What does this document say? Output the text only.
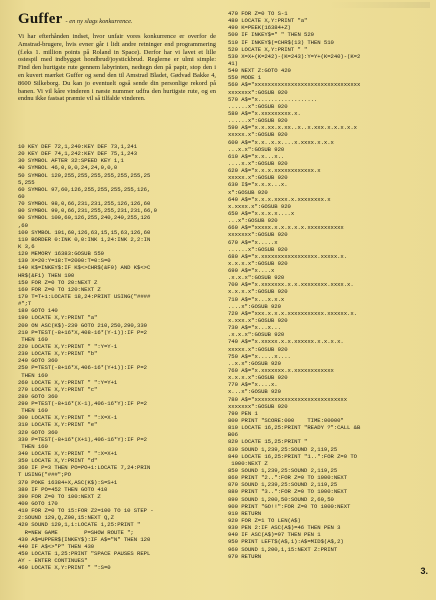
Guffer - en ny slags konkurrence.

Vi har efterhånden indset, hvor unfair vores konkurrence er overfor de Amstrad-brugere, hvis evner går i lidt andre retninger end programmering (f.eks 1. million points på Roland in Space). Derfor har vi lavet et lille ostespil med indbygget hondbrud/joystickbrud. Reglerne er ulmi simple: Find den hurtigste rute gennem labyrinten, nedtegn den på papir, stop den i en kuvert mærket Guffer og send den til Amstrad Bladet, Gødvad Bakke 4, 8600 Silkeborg. Du kan jo eventuelt også sende din personlige rekord på banen. Vi vil kåre vinderen i næste nummer udfra den hurtigste rute, og en endnu ikke fastsat præmie vil så tilfalde vinderen.

10 KEY DEF 72,1,240:KEY DEF 73,1,241
20 KEY DEF 74,1,242:KEY DEF 75,1,243
30 SYMBOL AFTER 32:SPEED KEY 1,1
40 SYMBOL 46,0,0,0,24,24,0,0,0
50 SYMBOL 120,255,255,255,255,255,255,25
5,255
60 SYMBOL 97,60,126,255,255,255,255,126,
60
70 SYMBOL 98,0,66,231,231,255,126,126,60
80 SYMBOL 99,0,66,231,255,255,231,231,66,0
90 SYMBOL 100,60,126,255,240,240,255,126
,60
100 SYMBOL 101,60,126,63,15,15,63,126,60
110 BORDER 0:INK 0,0:INK 1,24:INK 2,2:IN
K 3,6
120 MEMORY 16383:GOSUB 550
130 X=20:Y=18:T=2000:T=0:S=0
140 K$=INKEY$:IF K$<>CHR$(&F0) AND K$<>C
HR$(&F1) THEN 190
150 FOR Z=0 TO 20:NEXT Z
160 FOR Z=0 TO 120:NEXT Z
170 T=T+1:LOCATE 18,24:PRINT USING("####
#";T
180 GOTO 140
190 LOCATE X,Y:PRINT "a"
200 ON ASC(K$)-239 GOTO 210,250,290,330
210 P=TEST(-8+16*X,408-16*(Y-1)):IF P=2
THEN 160
220 LOCATE X,Y:PRINT " ":Y=Y-1
230 LOCATE X,Y:PRINT "b"
240 GOTO 360
250 P=TEST(-8+16*X,406-16*(Y+1)):IF P=2
THEN 160
260 LOCATE X,Y:PRINT " ":Y=Y+1
270 LOCATE X,Y:PRINT "c"
280 GOTO 360
290 P=TEST(-8+16*(X-1),406-16*Y):IF P=2
THEN 160
300 LOCATE X,Y:PRINT " ":X=X-1
310 LOCATE X,Y:PRINT "e"
320 GOTO 360
330 P=TEST(-8+16*(X+1),406-16*Y):IF P=2
THEN 160
340 LOCATE X,Y:PRINT " ":X=X+1
350 LOCATE X,Y:PRINT "d"
360 IF P=3 THEN PO=PO+1:LOCATE 7,24:PRIN
T USING("###";PO
370 POKE 16384+X,ASC(K$):S=S+1
380 IF PO=452 THEN GOTO 410
390 FOR Z=0 TO 100:NEXT Z
400 GOTO 170
410 FOR Z=0 TO 15:FOR Z2=100 TO 10 STEP -
2:SOUND 129,Q,Z00,15:NEXT Q,Z
420 SOUND 129,1,1:LOCATE 1,25:PRINT "
R=NEW GAME        P=SHOW ROUTE ";
430 A$=UPPER$(INKEY$):IF A$="N" THEN 120
440 IF A$<>"P" THEN 430
450 LOCATE 1,25:PRINT "SPACE PAUSES REPL
AY - ENTER CONTINUES"
460 LOCATE X,Y:PRINT " ":S=0
470 FOR Z=0 TO S-1
480 LOCATE X,Y:PRINT "a"
490 K=PEEK(16384+Z)
500 IF INKEY$=" " THEN 520
510 IF INKEY$(=CHR$(13) THEN 510
520 LOCATE X,Y:PRINT " "
530 X=X+(K=242)-(K=243):Y=Y+(K=240)-(K=2
41)
540 NEXT Z:GOTO 420
550 MODE 1
560 A$="xxxxxxxxxxxxxxxxxxxxxxxxxxxxxxxx
xxxxxxx":GOSUB 920
570 A$="x..................
......x":GOSUB 920
580 A$="x.xxxxxxxxx.x.
......x":GOSUB 920
590 A$="x.x.xx.x.xx..x..x.xxx.x.x.x.x.x
xxxxx.x":GOSUB 920
600 A$="x.x..x.x....x.xxxx.x.x.x
...x.x":GOSUB 920
610 A$="x.x...x..
....x.x":GOSUB 920
620 A$="x.x.x.xxxxxxxxxxxx.x
xxxxx.x":GOSUB 920
630 I$="x.x.x...x.
x":GOSUB 920
640 A$="x.x.x.xxxx.x.xxxxxxxx.x
x.xxxx.x":GOSUB 920
650 A$="x.x.x.x....x
...x":GOSUB 920
660 A$="xxxxx.x.x.x.x.x.xxxxxxxxxxx
xxxxxxx":GOSUB 920
670 A$="x.....x
......x":GOSUB 920
680 A$="x.xxxxxxxxxxxxxxxxx.xxxxx.x.
x.x.x.x":GOSUB 920
690 A$="x....x
.x.x.x":GOSUB 920
700 A$="x.xxxxxxx.x.x.xxxxxxxx.xxxx.x.
x.x.x.x":GOSUB 920
710 A$="x...x.x.x
....x":GOSUB 920
720 A$="xxx.x.x.x.xxxxxxxxxxx.xxxxxx.x.
x.xxx.x":GOSUB 920
730 A$="x...x...
.x.x.x":GOSUB 920
740 A$="x.xxxxx.x.x.xxxxxx.x.x.x.x.
xxxxx.x":GOSUB 920
750 A$="x.....x....
..x.x":GOSUB 920
760 A$="x.xxxxxxx.x.xxxxxxxxxxxx
x.x.x.x":GOSUB 920
770 A$="x....x.
x...x":GOSUB 920
780 A$="xxxxxxxxxxxxxxxxxxxxxxxxxxxx
xxxxxxx":GOSUB 920
790 PEN 1
800 PRINT "SCORE:000    TIME:00000"
810 LOCATE 16,25:PRINT "READY ?":CALL &B
B06
820 LOCATE 15,25:PRINT "
830 SOUND 1,239,25:SOUND 2,119,25
840 LOCATE 16,25:PRINT "1..":FOR Z=0 TO
1000:NEXT Z
850 SOUND 1,239,25:SOUND 2,119,25
860 PRINT "2..":FOR Z=0 TO 1000:NEXT
870 SOUND 1,239,25:SOUND 2,119,25
880 PRINT "3..":FOR Z=0 TO 1000:NEXT
890 SOUND 1,200,50:SOUND 2,60,50
900 PRINT "GO!!":FOR Z=0 TO 1000:NEXT
910 RETURN
920 FOR Z=1 TO LEN(A$)
930 PEN 2:IF ASC(A$)=46 THEN PEN 3
940 IF ASC(A$)=97 THEN PEN 1
950 PRINT LEFT$(A$,1):A$=MID$(A$,2)
960 SOUND 1,200,1,15:NEXT Z:PRINT
970 RETURN
3.
